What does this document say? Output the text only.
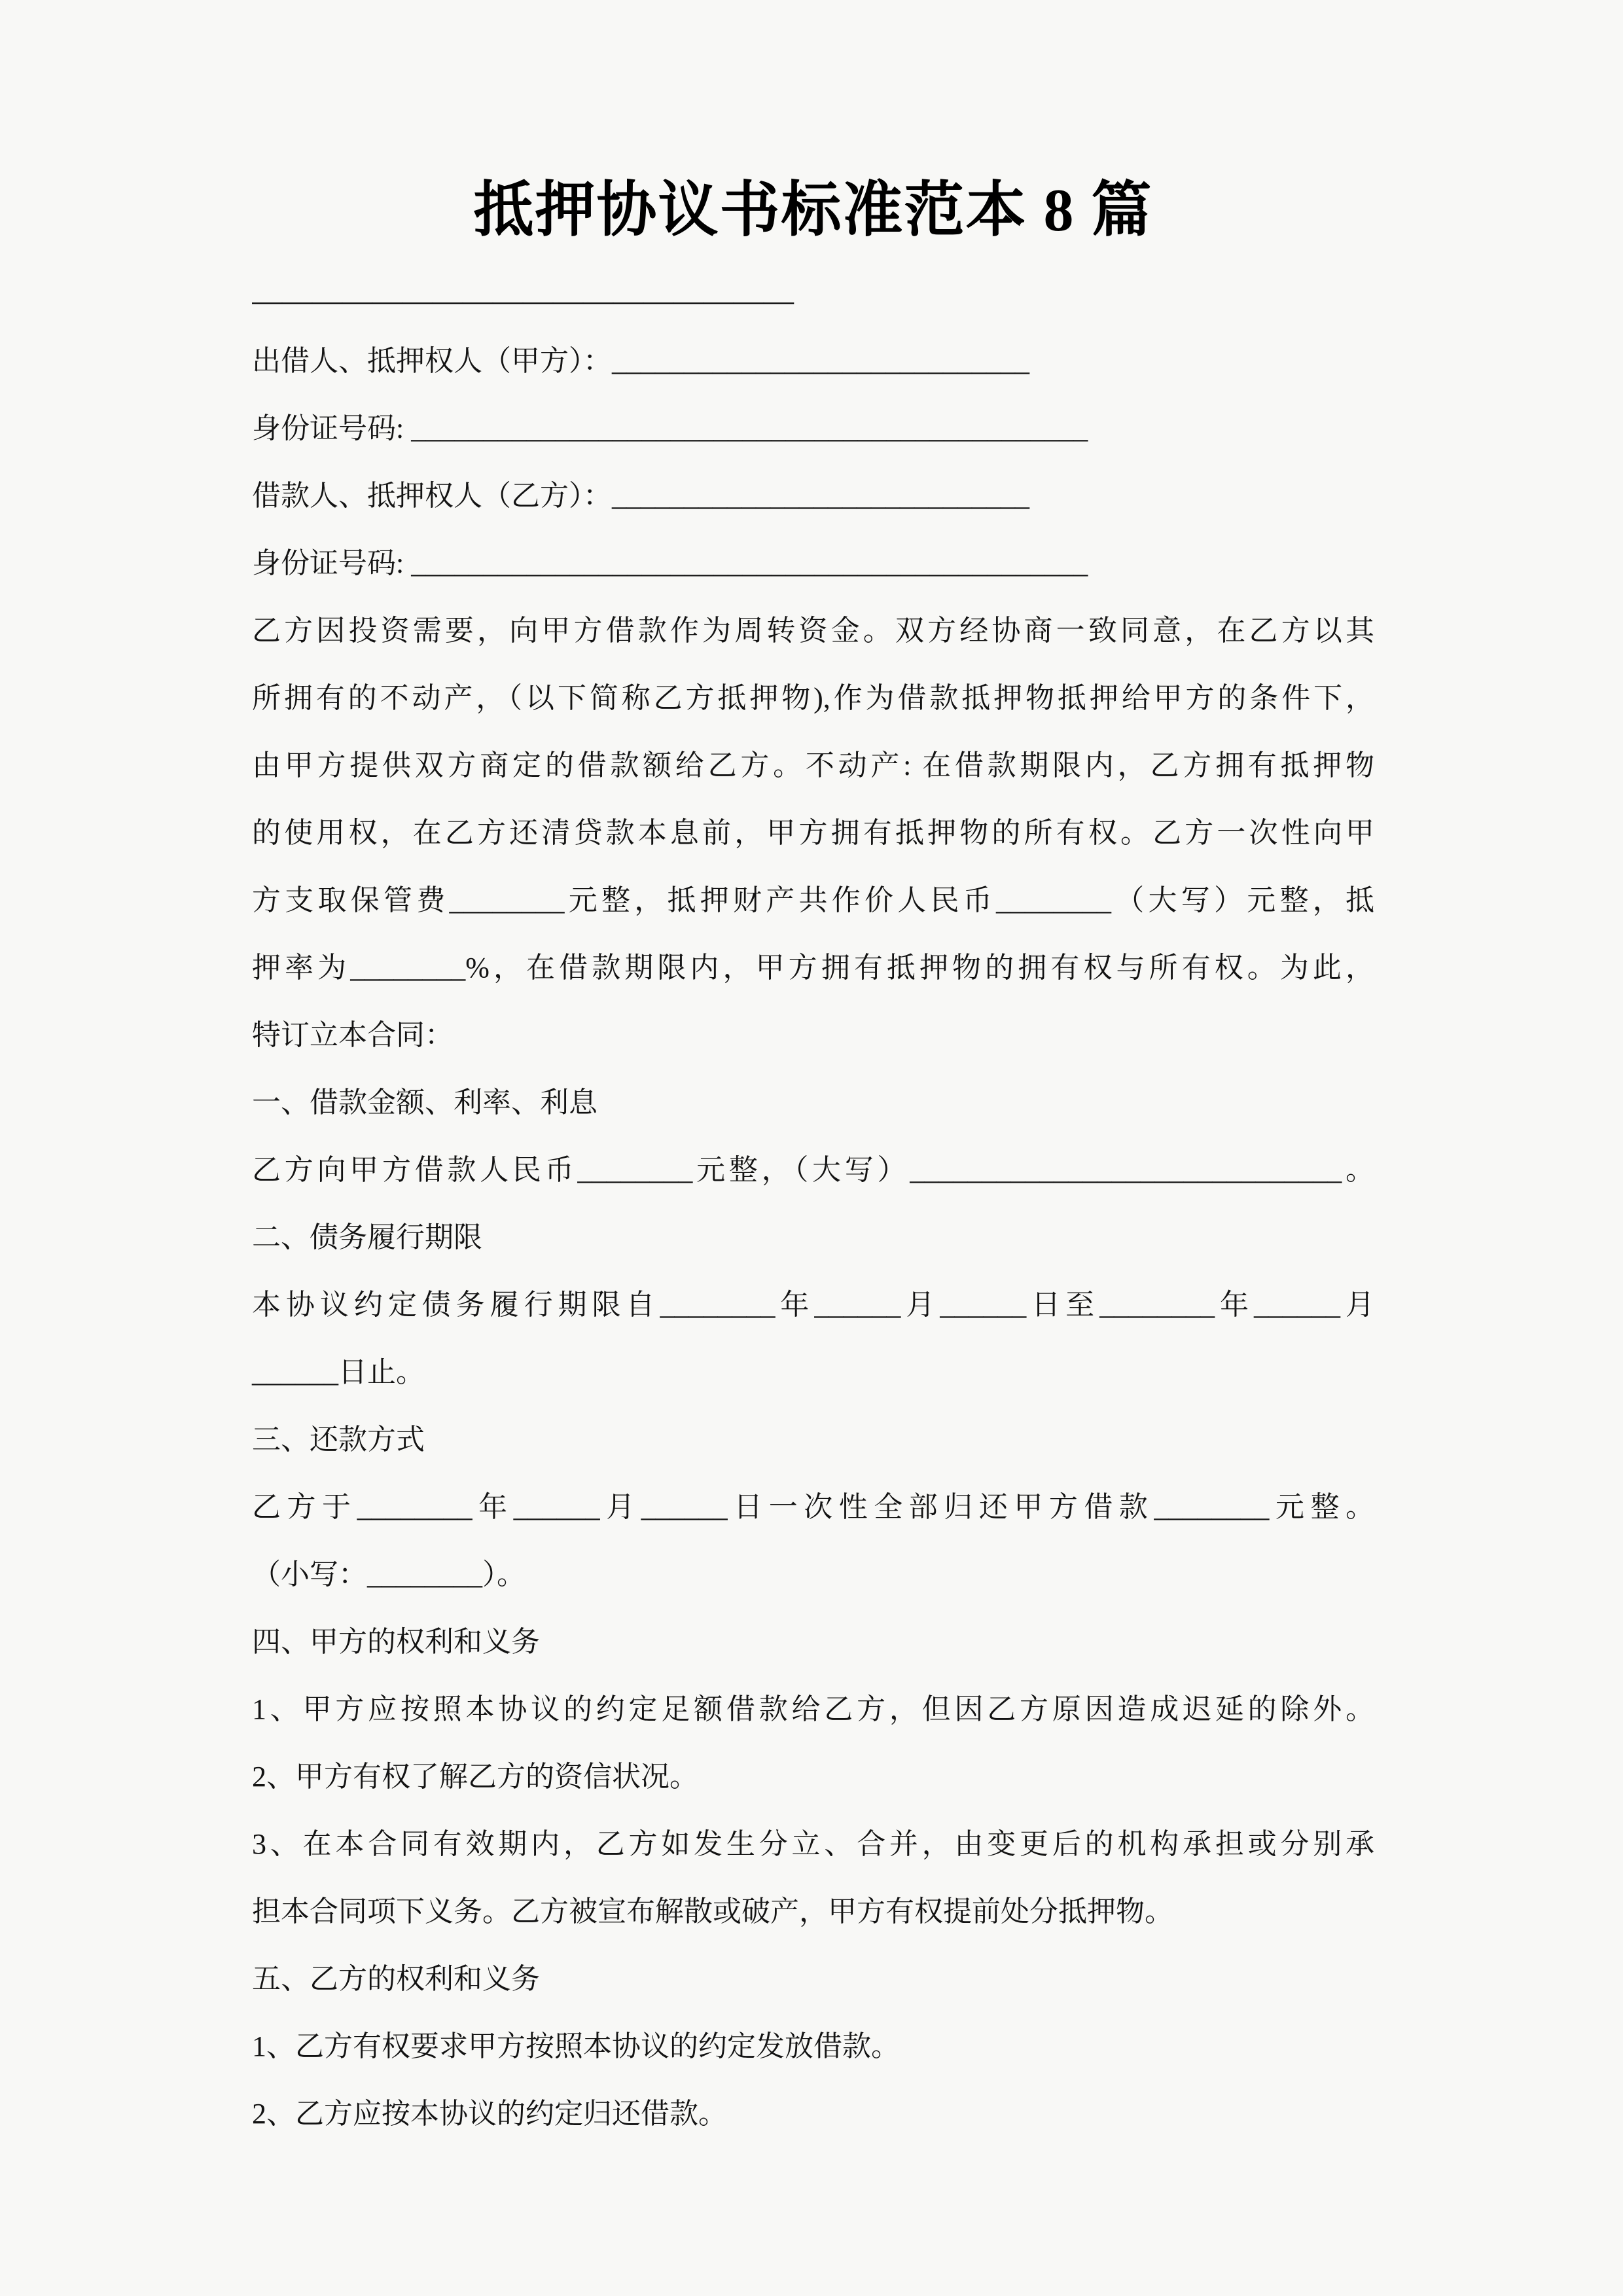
抵押协议书标准范本 8 篇
——————————————————
出借人、抵押权人（甲方）：_____________________________
身份证号码: _______________________________________________
借款人、抵押权人（乙方）：_____________________________
身份证号码: _______________________________________________
乙方因投资需要，向甲方借款作为周转资金。双方经协商一致同意，在乙方以其
所拥有的不动产，（以下简称乙方抵押物),作为借款抵押物抵押给甲方的条件下，
由甲方提供双方商定的借款额给乙方。不动产: 在借款期限内，乙方拥有抵押物
的使用权，在乙方还清贷款本息前，甲方拥有抵押物的所有权。乙方一次性向甲
方支取保管费________元整，抵押财产共作价人民币________（大写）元整，抵
押率为________%，在借款期限内，甲方拥有抵押物的拥有权与所有权。为此，
特订立本合同：
一、借款金额、利率、利息
乙方向甲方借款人民币________元整，（大写）______________________________。
二、债务履行期限
本协议约定债务履行期限自________年______月______日至________年______月
______日止。
三、还款方式
乙方于________年______月______日一次性全部归还甲方借款________元整。
（小写：________）。
四、甲方的权利和义务
1、甲方应按照本协议的约定足额借款给乙方，但因乙方原因造成迟延的除外。
2、甲方有权了解乙方的资信状况。
3、在本合同有效期内，乙方如发生分立、合并，由变更后的机构承担或分别承
担本合同项下义务。乙方被宣布解散或破产，甲方有权提前处分抵押物。
五、乙方的权利和义务
1、乙方有权要求甲方按照本协议的约定发放借款。
2、乙方应按本协议的约定归还借款。
